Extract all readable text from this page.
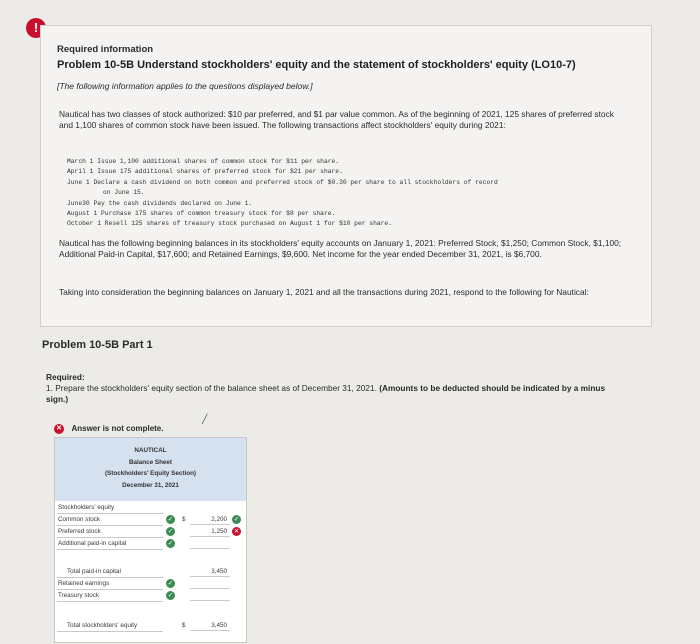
!
Required information
Problem 10-5B Understand stockholders' equity and the statement of stockholders' equity (LO10-7)
[The following information applies to the questions displayed below.]
Nautical has two classes of stock authorized: $10 par preferred, and $1 par value common. As of the beginning of 2021, 125 shares of preferred stock and 1,100 shares of common stock have been issued. The following transactions affect stockholders' equity during 2021:
March 1 Issue 1,100 additional shares of common stock for $11 per share.
April 1 Issue 175 additional shares of preferred stock for $21 per share.
June 1 Declare a cash dividend on both common and preferred stock of $0.30 per share to all stockholders of record
on June 15.
June30 Pay the cash dividends declared on June 1.
August 1 Purchase 175 shares of common treasury stock for $8 per share.
October 1 Resell 125 shares of treasury stock purchased on August 1 for $10 per share.
Nautical has the following beginning balances in its stockholders' equity accounts on January 1, 2021: Preferred Stock, $1,250; Common Stock, $1,100; Additional Paid-in Capital, $17,600; and Retained Earnings, $9,600. Net income for the year ended December 31, 2021, is $6,700.
Taking into consideration the beginning balances on January 1, 2021 and all the transactions during 2021, respond to the following for Nautical:
Problem 10-5B Part 1
Required:
1. Prepare the stockholders' equity section of the balance sheet as of December 31, 2021. (Amounts to be deducted should be indicated by a minus sign.)
╱
✕ Answer is not complete.
NAUTICAL
Balance Sheet
(Stockholders' Equity Section)
December 31, 2021
Stockholders' equity
Common stock	✓ $	2,200 ✓
Preferred stock	✓	1,250 ✕
Additional paid-in capital	✓
Total paid-in capital	3,450
Retained earnings	✓
Treasury stock	✓
Total stockholders' equity	$	3,450
